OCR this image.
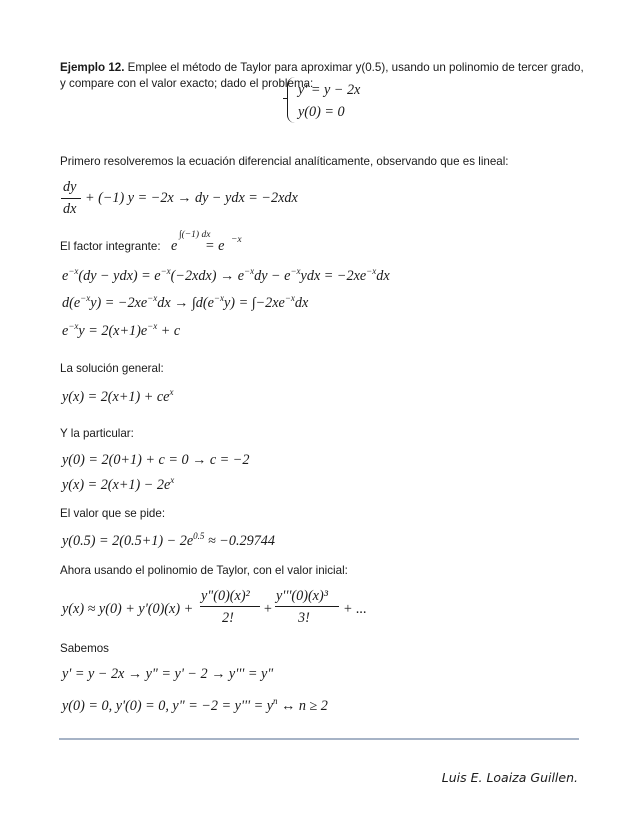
Ejemplo 12. Emplee el método de Taylor para aproximar y(0.5), usando un polinomio de tercer grado,
y compare con el valor exacto; dado el problema:
y' = y − 2x
y(0) = 0
Primero resolveremos la ecuación diferencial analíticamente, observando que es lineal:
dy
dx
+ (−1) y = −2x → dy − ydx = −2xdx
El factor integrante: e
∫(−1) dx
= e −x
$e^{-x}(dy - ydx) = e^{-x}(-2xdx) \to e^{-x}dy - e^{-x}ydx = -2xe^{-x}dx$
$d(e^{-x}y) = -2xe^{-x}dx \to \int d(e^{-x}y) = \int-2xe^{-x}dx$
$e^{-x}y = 2(x+1)e^{-x} + c$
La solución general:
$y(x) = 2(x+1) + ce^x$
Y la particular:
y(0) = 2(0+1) + c = 0 → c = −2
$y(x) = 2(x+1) - 2e^x$
El valor que se pide:
$y(0.5) = 2(0.5+1) - 2e^{0.5} \approx -0.29744$
Ahora usando el polinomio de Taylor, con el valor inicial:
y(x) ≈ y(0) + y'(0)(x) +
y"(0)(x)²
2!
+
y'''(0)(x)³
3!
+ ...
Sabemos
y' = y − 2x → y" = y' − 2 → y''' = y"
y(0) = 0, y'(0) = 0, y" = $-2 = y''' = y^n$ ↔ n ≥ 2
Luis E. Loaiza Guillen.
